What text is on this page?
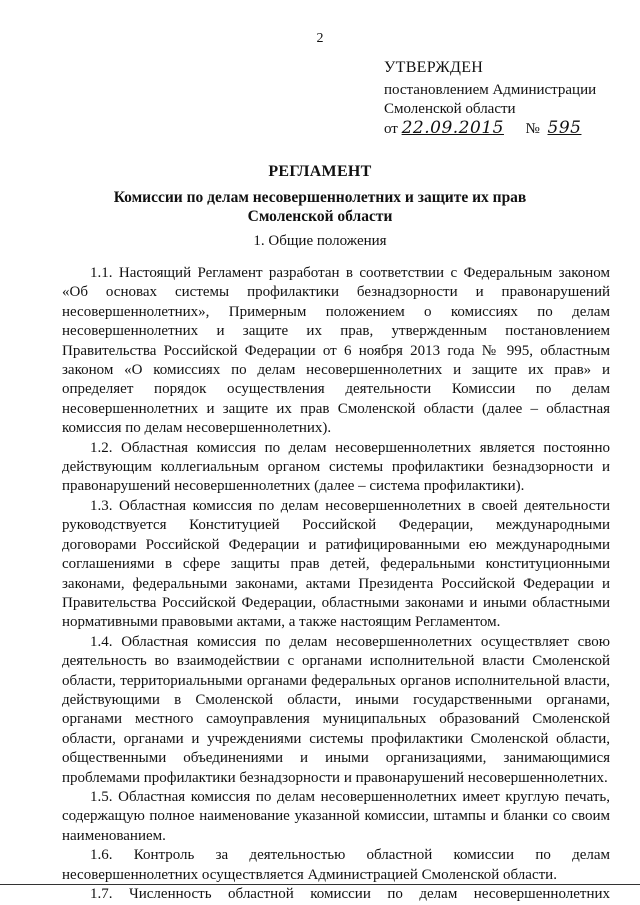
2
УТВЕРЖДЕН
постановлением Администрации
Смоленской области
от 22.09.2015 № 595
РЕГЛАМЕНТ
Комиссии по делам несовершеннолетних и защите их прав
Смоленской области
1. Общие положения

1.1. Настоящий Регламент разработан в соответствии с Федеральным законом «Об основах системы профилактики безнадзорности и правонарушений несовершеннолетних», Примерным положением о комиссиях по делам несовершеннолетних и защите их прав, утвержденным постановлением Правительства Российской Федерации от 6 ноября 2013 года № 995, областным законом «О комиссиях по делам несовершеннолетних и защите их прав» и определяет порядок осуществления деятельности Комиссии по делам несовершеннолетних и защите их прав Смоленской области (далее – областная комиссия по делам несовершеннолетних).

1.2. Областная комиссия по делам несовершеннолетних является постоянно действующим коллегиальным органом системы профилактики безнадзорности и правонарушений несовершеннолетних (далее – система профилактики).

1.3. Областная комиссия по делам несовершеннолетних в своей деятельности руководствуется Конституцией Российской Федерации, международными договорами Российской Федерации и ратифицированными ею международными соглашениями в сфере защиты прав детей, федеральными конституционными законами, федеральными законами, актами Президента Российской Федерации и Правительства Российской Федерации, областными законами и иными областными нормативными правовыми актами, а также настоящим Регламентом.

1.4. Областная комиссия по делам несовершеннолетних осуществляет свою деятельность во взаимодействии с органами исполнительной власти Смоленской области, территориальными органами федеральных органов исполнительной власти, действующими в Смоленской области, иными государственными органами, органами местного самоуправления муниципальных образований Смоленской области, органами и учреждениями системы профилактики Смоленской области, общественными объединениями и иными организациями, занимающимися проблемами профилактики безнадзорности и правонарушений несовершеннолетних.

1.5. Областная комиссия по делам несовершеннолетних имеет круглую печать, содержащую полное наименование указанной комиссии, штампы и бланки со своим наименованием.

1.6. Контроль за деятельностью областной комиссии по делам несовершеннолетних осуществляется Администрацией Смоленской области.

1.7. Численность областной комиссии по делам несовершеннолетних
